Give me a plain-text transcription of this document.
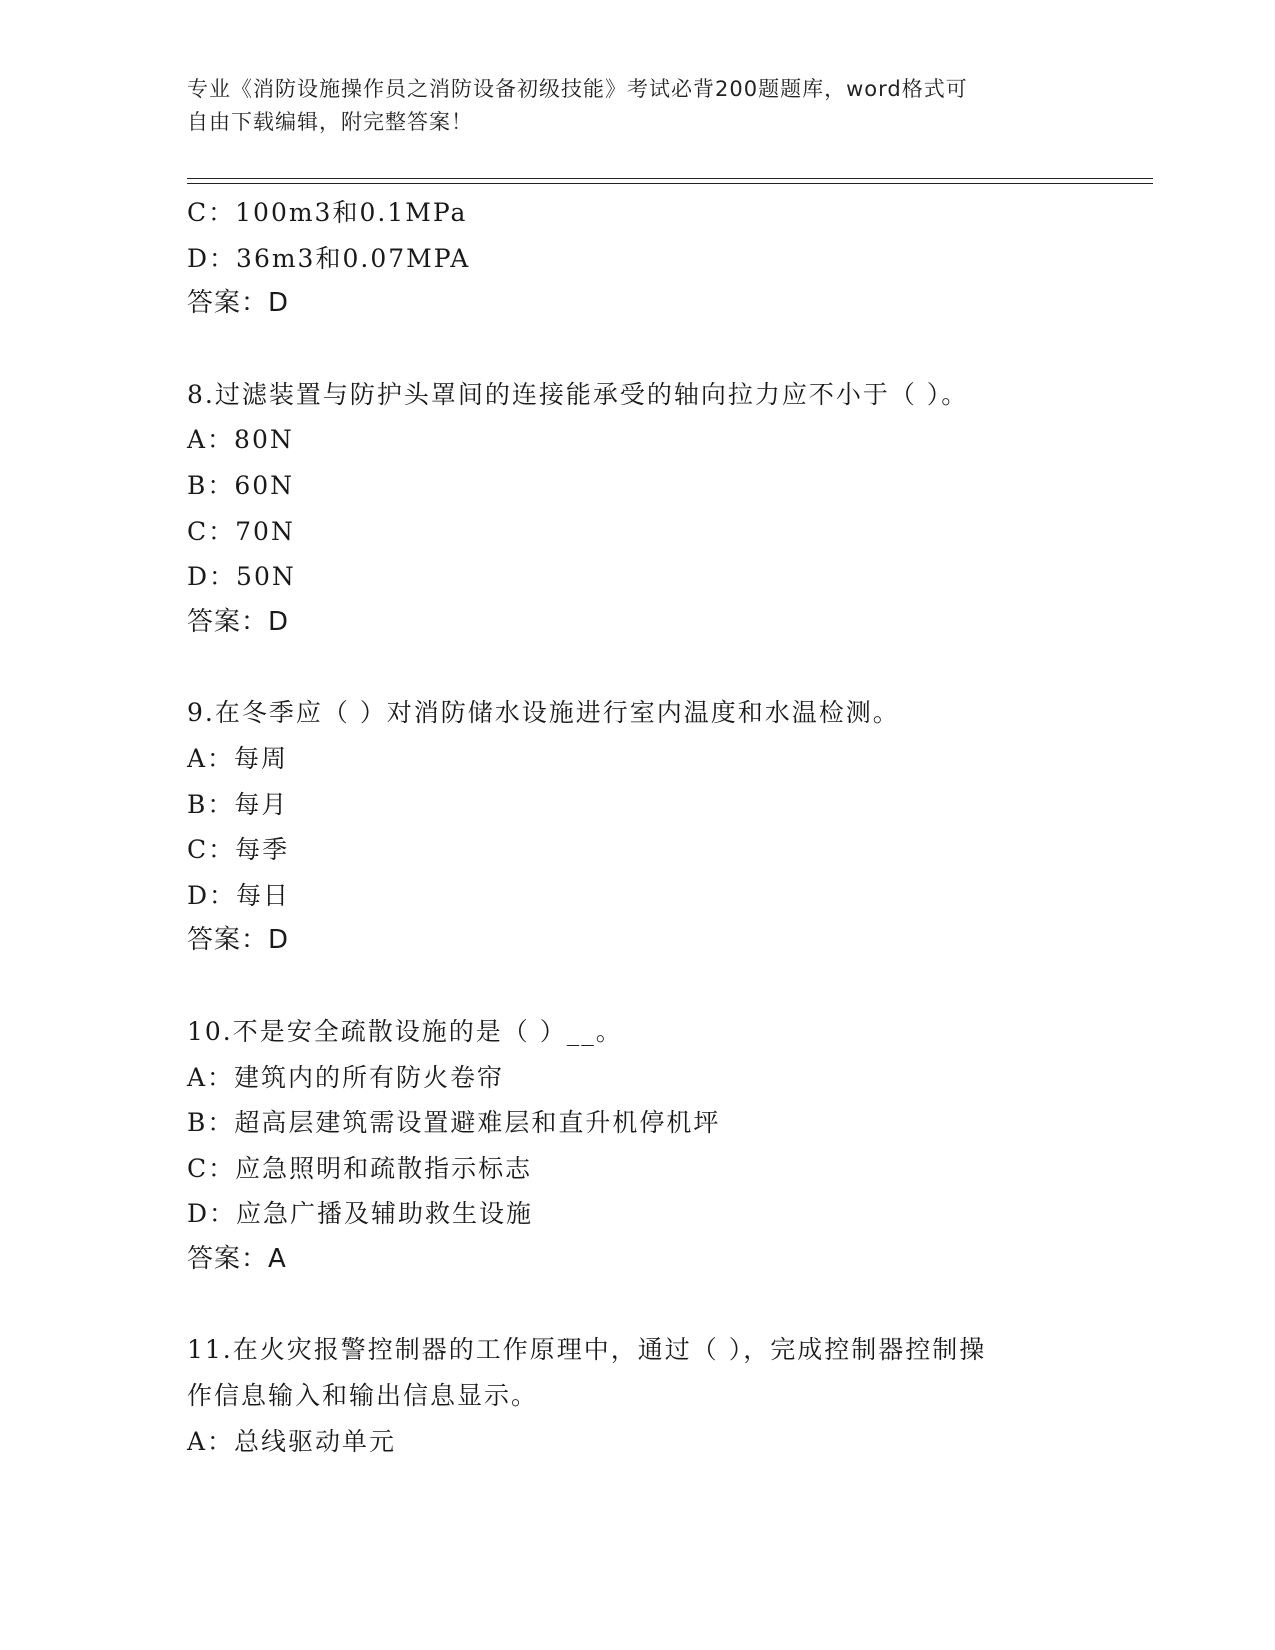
专业《消防设施操作员之消防设备初级技能》考试必背200题题库，word格式可
自由下载编辑，附完整答案！
C：100m3和0.1MPa
D：36m3和0.07MPA
答案：D
8.过滤装置与防护头罩间的连接能承受的轴向拉力应不小于（ ）。
A：80N
B：60N
C：70N
D：50N
答案：D
9.在冬季应（ ）对消防储水设施进行室内温度和水温检测。
A：每周
B：每月
C：每季
D：每日
答案：D
10.不是安全疏散设施的是（ ）__。
A：建筑内的所有防火卷帘
B：超高层建筑需设置避难层和直升机停机坪
C：应急照明和疏散指示标志
D：应急广播及辅助救生设施
答案：A
11.在火灾报警控制器的工作原理中，通过（ ），完成控制器控制操
作信息输入和输出信息显示。
A：总线驱动单元
